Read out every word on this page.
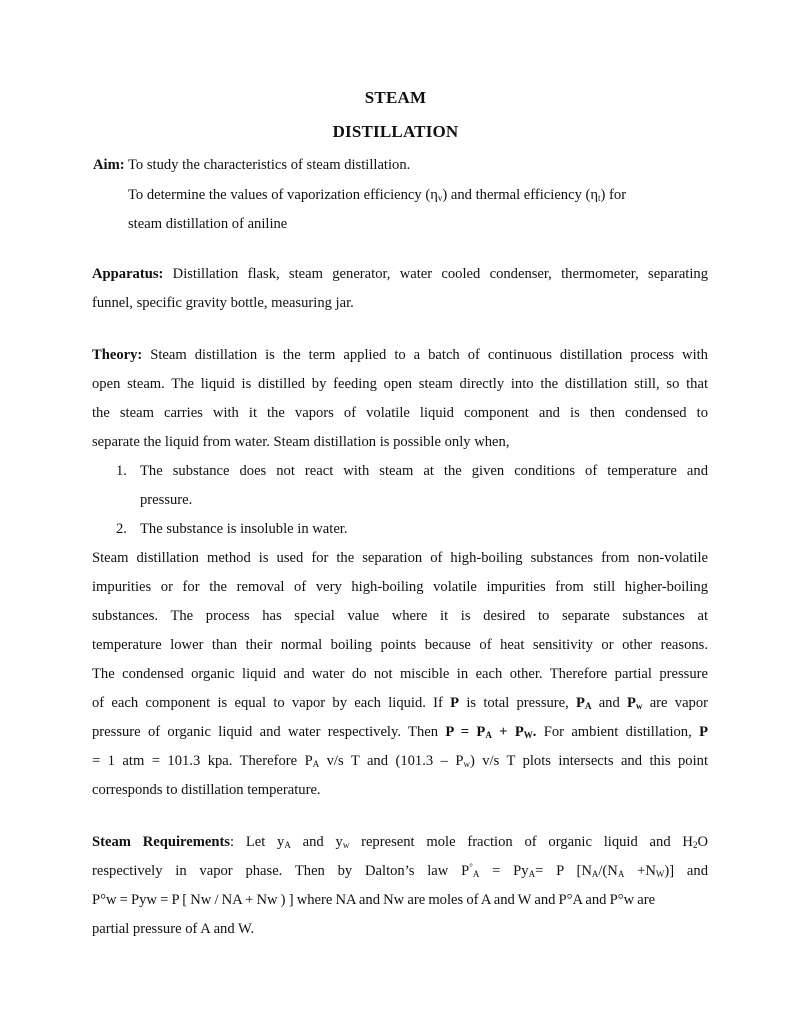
STEAM
DISTILLATION
Aim: To study the characteristics of steam distillation.
To determine the values of vaporization efficiency $(\eta_v)$ and thermal efficiency $(\eta_t)$ for
steam distillation of aniline
Apparatus: Distillation flask, steam generator, water cooled condenser, thermometer, separating
funnel, specific gravity bottle, measuring jar.
Theory: Steam distillation is the term applied to a batch of continuous distillation process with
open steam. The liquid is distilled by feeding open steam directly into the distillation still, so that
the steam carries with it the vapors of volatile liquid component and is then condensed to
separate the liquid from water. Steam distillation is possible only when,
1. The substance does not react with steam at the given conditions of temperature and
pressure.
2. The substance is insoluble in water.
Steam distillation method is used for the separation of high-boiling substances from non-volatile
impurities or for the removal of very high-boiling volatile impurities from still higher-boiling
substances. The process has special value where it is desired to separate substances at
temperature lower than their normal boiling points because of heat sensitivity or other reasons.
The condensed organic liquid and water do not miscible in each other. Therefore partial pressure
of each component is equal to vapor by each liquid. If P is total pressure, $P_A$ and $P_w$ are vapor
pressure of organic liquid and water respectively. Then $P = P_A + P_W$. For ambient distillation, P
= 1 atm = 101.3 kpa. Therefore $P_A$ v/s T and $(101.3 - P_w)$ v/s T plots intersects and this point
corresponds to distillation temperature.
Steam Requirements: Let $y_A$ and $y_w$ represent mole fraction of organic liquid and $H_2O$
respectively in vapor phase. Then by Dalton’s law $P^\circ_A = Py_A= P$ $[N_A/(N_A +N_W)]$ and
P°w = Pyw = P [ Nw / NA + Nw ) ] where NA and Nw are moles of A and W and P°A and P°w are
partial pressure of A and W.
